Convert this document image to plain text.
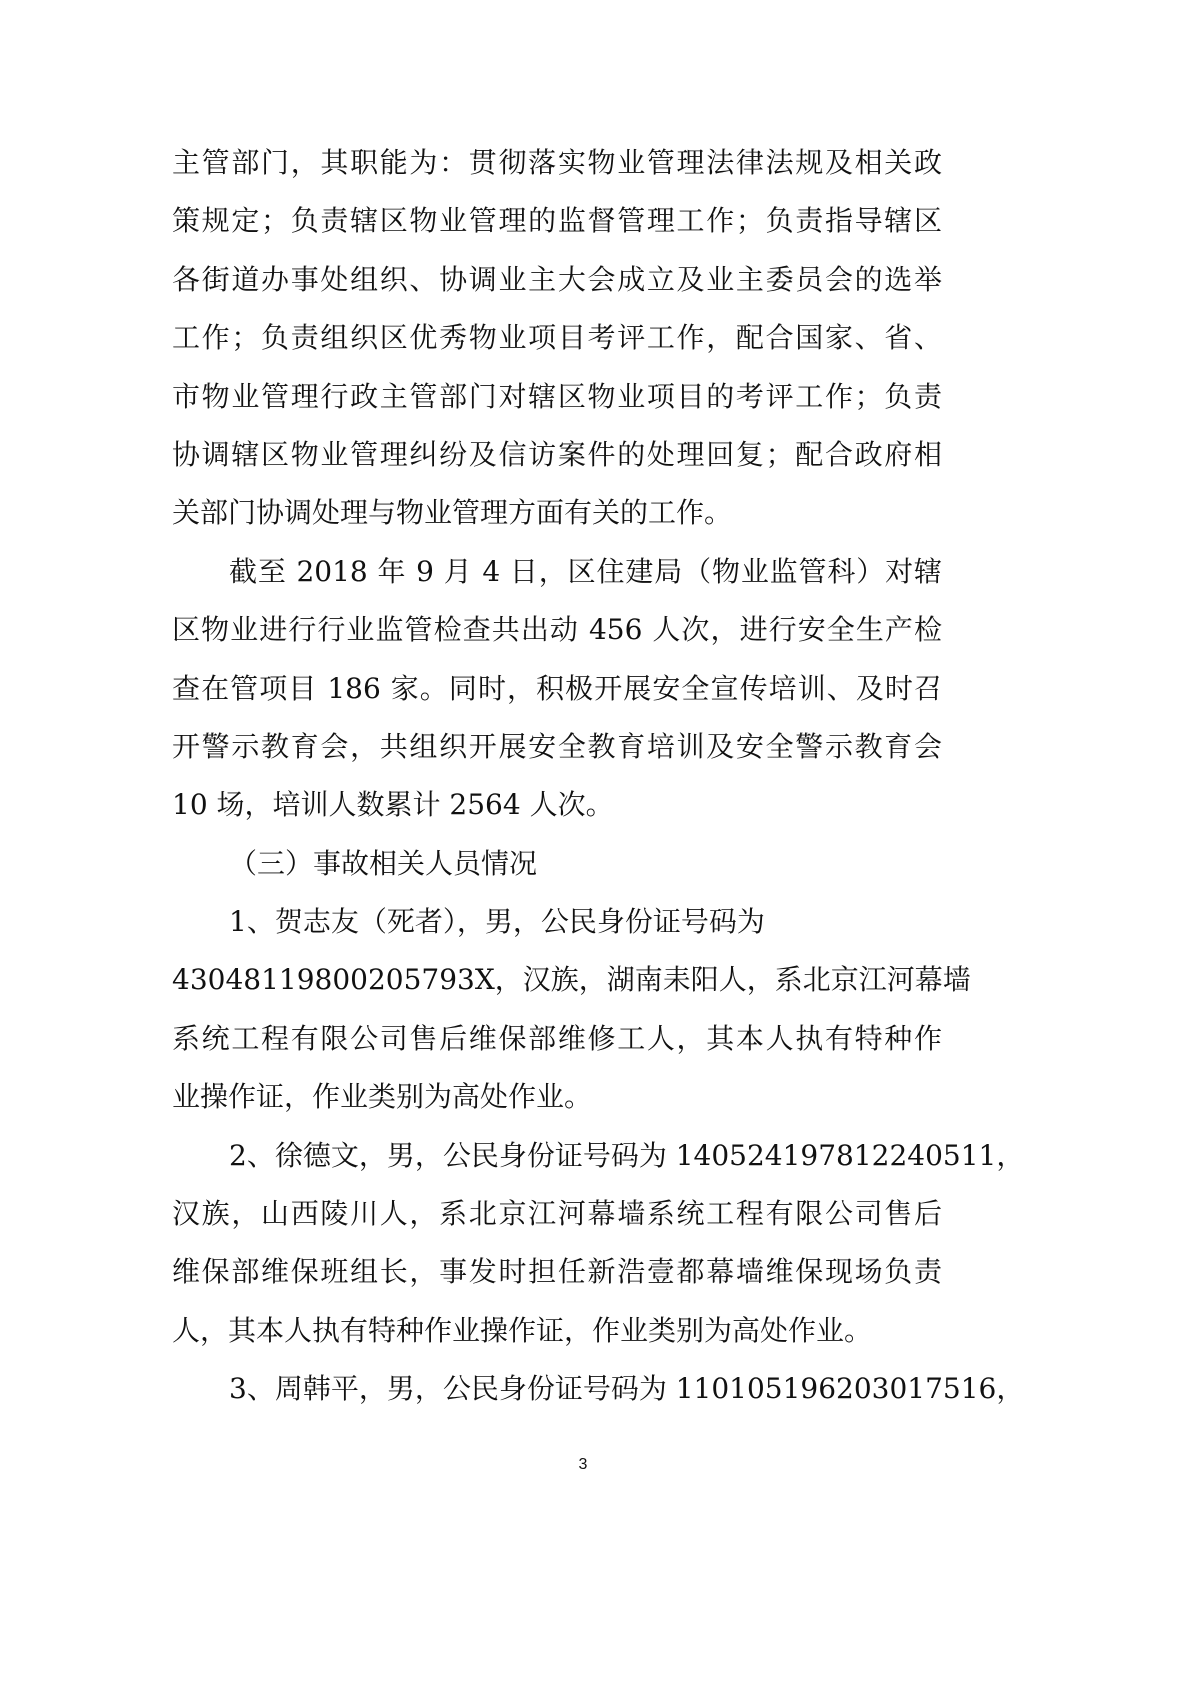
主管部门，其职能为：贯彻落实物业管理法律法规及相关政
策规定；负责辖区物业管理的监督管理工作；负责指导辖区
各街道办事处组织、协调业主大会成立及业主委员会的选举
工作；负责组织区优秀物业项目考评工作，配合国家、省、
市物业管理行政主管部门对辖区物业项目的考评工作；负责
协调辖区物业管理纠纷及信访案件的处理回复；配合政府相
关部门协调处理与物业管理方面有关的工作。
截至 2018 年 9 月 4 日，区住建局（物业监管科）对辖
区物业进行行业监管检查共出动 456 人次，进行安全生产检
查在管项目 186 家。同时，积极开展安全宣传培训、及时召
开警示教育会，共组织开展安全教育培训及安全警示教育会
10 场，培训人数累计 2564 人次。
（三）事故相关人员情况
1、贺志友（死者），男，公民身份证号码为
43048119800205793X，汉族，湖南耒阳人，系北京江河幕墙
系统工程有限公司售后维保部维修工人，其本人执有特种作
业操作证，作业类别为高处作业。
2、徐德文，男，公民身份证号码为 140524197812240511，
汉族，山西陵川人，系北京江河幕墙系统工程有限公司售后
维保部维保班组长，事发时担任新浩壹都幕墙维保现场负责
人，其本人执有特种作业操作证，作业类别为高处作业。
3、周韩平，男，公民身份证号码为 110105196203017516，
3
